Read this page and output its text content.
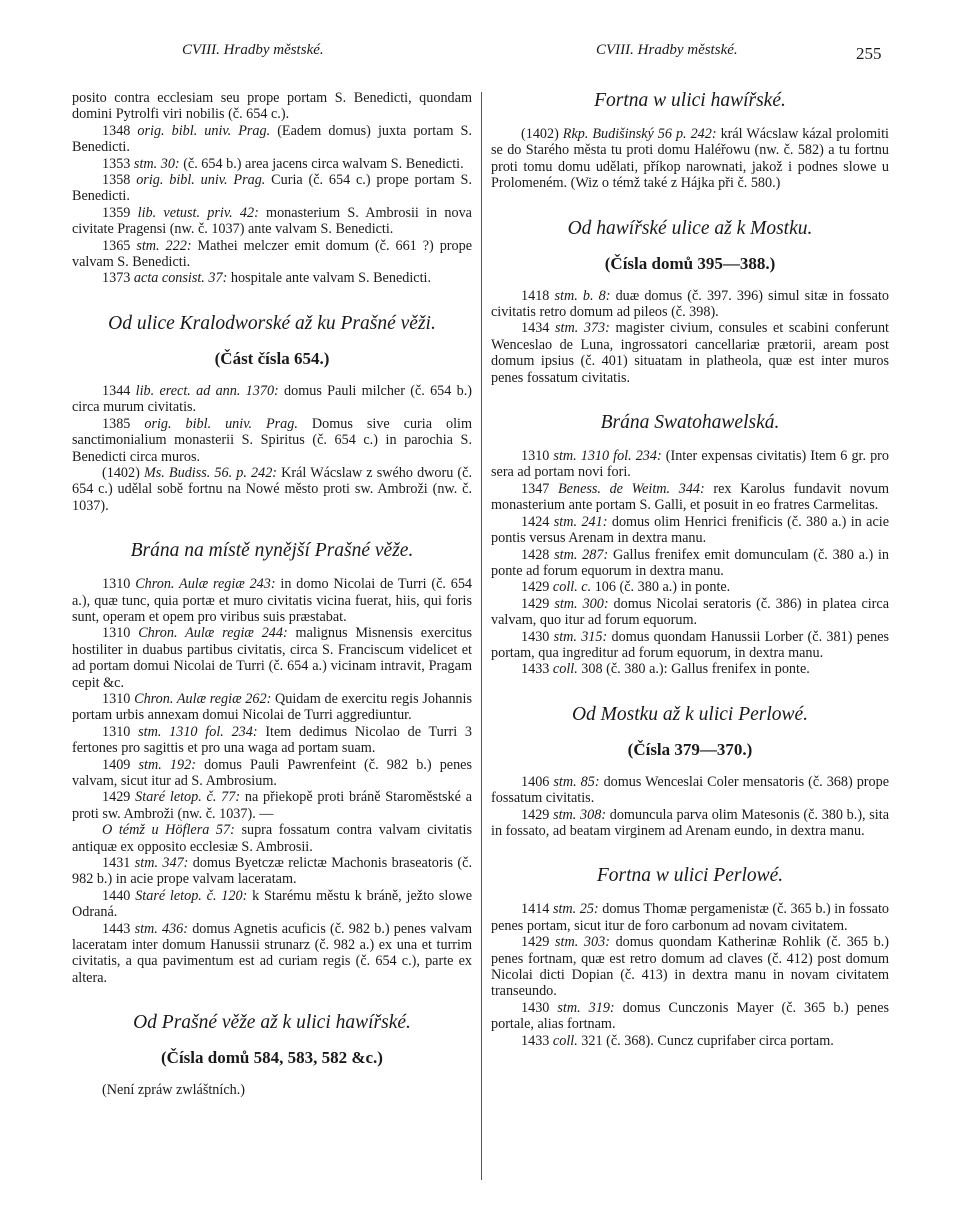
CVIII. Hradby městské.	CVIII. Hradby městské.	255

posito contra ecclesiam seu prope portam S. Benedicti, quondam domini Pytrolfi viri nobilis (č. 654 c.).

1348 orig. bibl. univ. Prag. (Eadem domus) juxta portam S. Benedicti.

1353 stm. 30: (č. 654 b.) area jacens circa walvam S. Benedicti.

1358 orig. bibl. univ. Prag. Curia (č. 654 c.) prope portam S. Benedicti.

1359 lib. vetust. priv. 42: monasterium S. Ambrosii in nova civitate Pragensi (nw. č. 1037) ante valvam S. Benedicti.

1365 stm. 222: Mathei melczer emit domum (č. 661 ?) prope valvam S. Benedicti.

1373 acta consist. 37: hospitale ante valvam S. Benedicti.

Od ulice Kralodworské až ku Prašné věži.
(Část čísla 654.)

1344 lib. erect. ad ann. 1370: domus Pauli milcher (č. 654 b.) circa murum civitatis.

1385 orig. bibl. univ. Prag. Domus sive curia olim sanctimonialium monasterii S. Spiritus (č. 654 c.) in parochia S. Benedicti circa muros.

(1402) Ms. Budiss. 56. p. 242: Král Wácslaw z swého dworu (č. 654 c.) udělal sobě fortnu na Nowé město proti sw. Ambroži (nw. č. 1037).

Brána na místě nynější Prašné věže.

1310 Chron. Aulæ regiæ 243: in domo Nicolai de Turri (č. 654 a.), quæ tunc, quia portæ et muro civitatis vicina fuerat, hiis, qui foris sunt, operam et opem pro viribus suis præstabat.

1310 Chron. Aulæ regiæ 244: malignus Misnensis exercitus hostiliter in duabus partibus civitatis, circa S. Franciscum videlicet et ad portam domui Nicolai de Turri (č. 654 a.) vicinam intravit, Pragam cepit &c.

1310 Chron. Aulæ regiæ 262: Quidam de exercitu regis Johannis portam urbis annexam domui Nicolai de Turri aggrediuntur.

1310 stm. 1310 fol. 234: Item dedimus Nicolao de Turri 3 fertones pro sagittis et pro una waga ad portam suam.

1409 stm. 192: domus Pauli Pawrenfeint (č. 982 b.) penes valvam, sicut itur ad S. Ambrosium.

1429 Staré letop. č. 77: na přiekopě proti bráně Staroměstské a proti sw. Ambroži (nw. č. 1037). —

O témž u Höflera 57: supra fossatum contra valvam civitatis antiquæ ex opposito ecclesiæ S. Ambrosii.

1431 stm. 347: domus Byetczæ relictæ Machonis braseatoris (č. 982 b.) in acie prope valvam laceratam.

1440 Staré letop. č. 120: k Starému městu k bráně, ježto slowe Odraná.

1443 stm. 436: domus Agnetis acuficis (č. 982 b.) penes valvam laceratam inter domum Hanussii strunarz (č. 982 a.) ex una et turrim civitatis, a qua pavimentum est ad curiam regis (č. 654 c.), parte ex altera.

Od Prašné věže až k ulici hawířské.
(Čísla domů 584, 583, 582 &c.)
(Není zpráw zwláštních.)
Fortna w ulici hawířské.

(1402) Rkp. Budišinský 56 p. 242: král Wácslaw kázal prolomiti se do Starého města tu proti domu Haléřowu (nw. č. 582) a tu fortnu proti tomu domu udělati, příkop narownati, jakož i podnes slowe u Prolomeném. (Wiz o témž také z Hájka při č. 580.)

Od hawířské ulice až k Mostku.
(Čísla domů 395—388.)

1418 stm. b. 8: duæ domus (č. 397. 396) simul sitæ in fossato civitatis retro domum ad pileos (č. 398).

1434 stm. 373: magister civium, consules et scabini conferunt Wenceslao de Luna, ingrossatori cancellariæ prætorii, aream post domum ipsius (č. 401) situatam in platheola, quæ est inter muros penes fossatum civitatis.

Brána Swatohawelská.

1310 stm. 1310 fol. 234: (Inter expensas civitatis) Item 6 gr. pro sera ad portam novi fori.

1347 Beness. de Weitm. 344: rex Karolus fundavit novum monasterium ante portam S. Galli, et posuit in eo fratres Carmelitas.

1424 stm. 241: domus olim Henrici frenificis (č. 380 a.) in acie pontis versus Arenam in dextra manu.

1428 stm. 287: Gallus frenifex emit domunculam (č. 380 a.) in ponte ad forum equorum in dextra manu.

1429 coll. c. 106 (č. 380 a.) in ponte.

1429 stm. 300: domus Nicolai seratoris (č. 386) in platea circa valvam, quo itur ad forum equorum.

1430 stm. 315: domus quondam Hanussii Lorber (č. 381) penes portam, qua ingreditur ad forum equorum, in dextra manu.

1433 coll. 308 (č. 380 a.): Gallus frenifex in ponte.

Od Mostku až k ulici Perlowé.
(Čísla 379—370.)

1406 stm. 85: domus Wenceslai Coler mensatoris (č. 368) prope fossatum civitatis.

1429 stm. 308: domuncula parva olim Matesonis (č. 380 b.), sita in fossato, ad beatam virginem ad Arenam eundo, in dextra manu.

Fortna w ulici Perlowé.

1414 stm. 25: domus Thomæ pergamenistæ (č. 365 b.) in fossato penes portam, sicut itur de foro carbonum ad novam civitatem.

1429 stm. 303: domus quondam Katherinæ Rohlik (č. 365 b.) penes fortnam, quæ est retro domum ad claves (č. 412) post domum Nicolai dicti Dopian (č. 413) in dextra manu in novam civitatem transeundo.

1430 stm. 319: domus Cunczonis Mayer (č. 365 b.) penes portale, alias fortnam.

1433 coll. 321 (č. 368). Cuncz cuprifaber circa portam.
